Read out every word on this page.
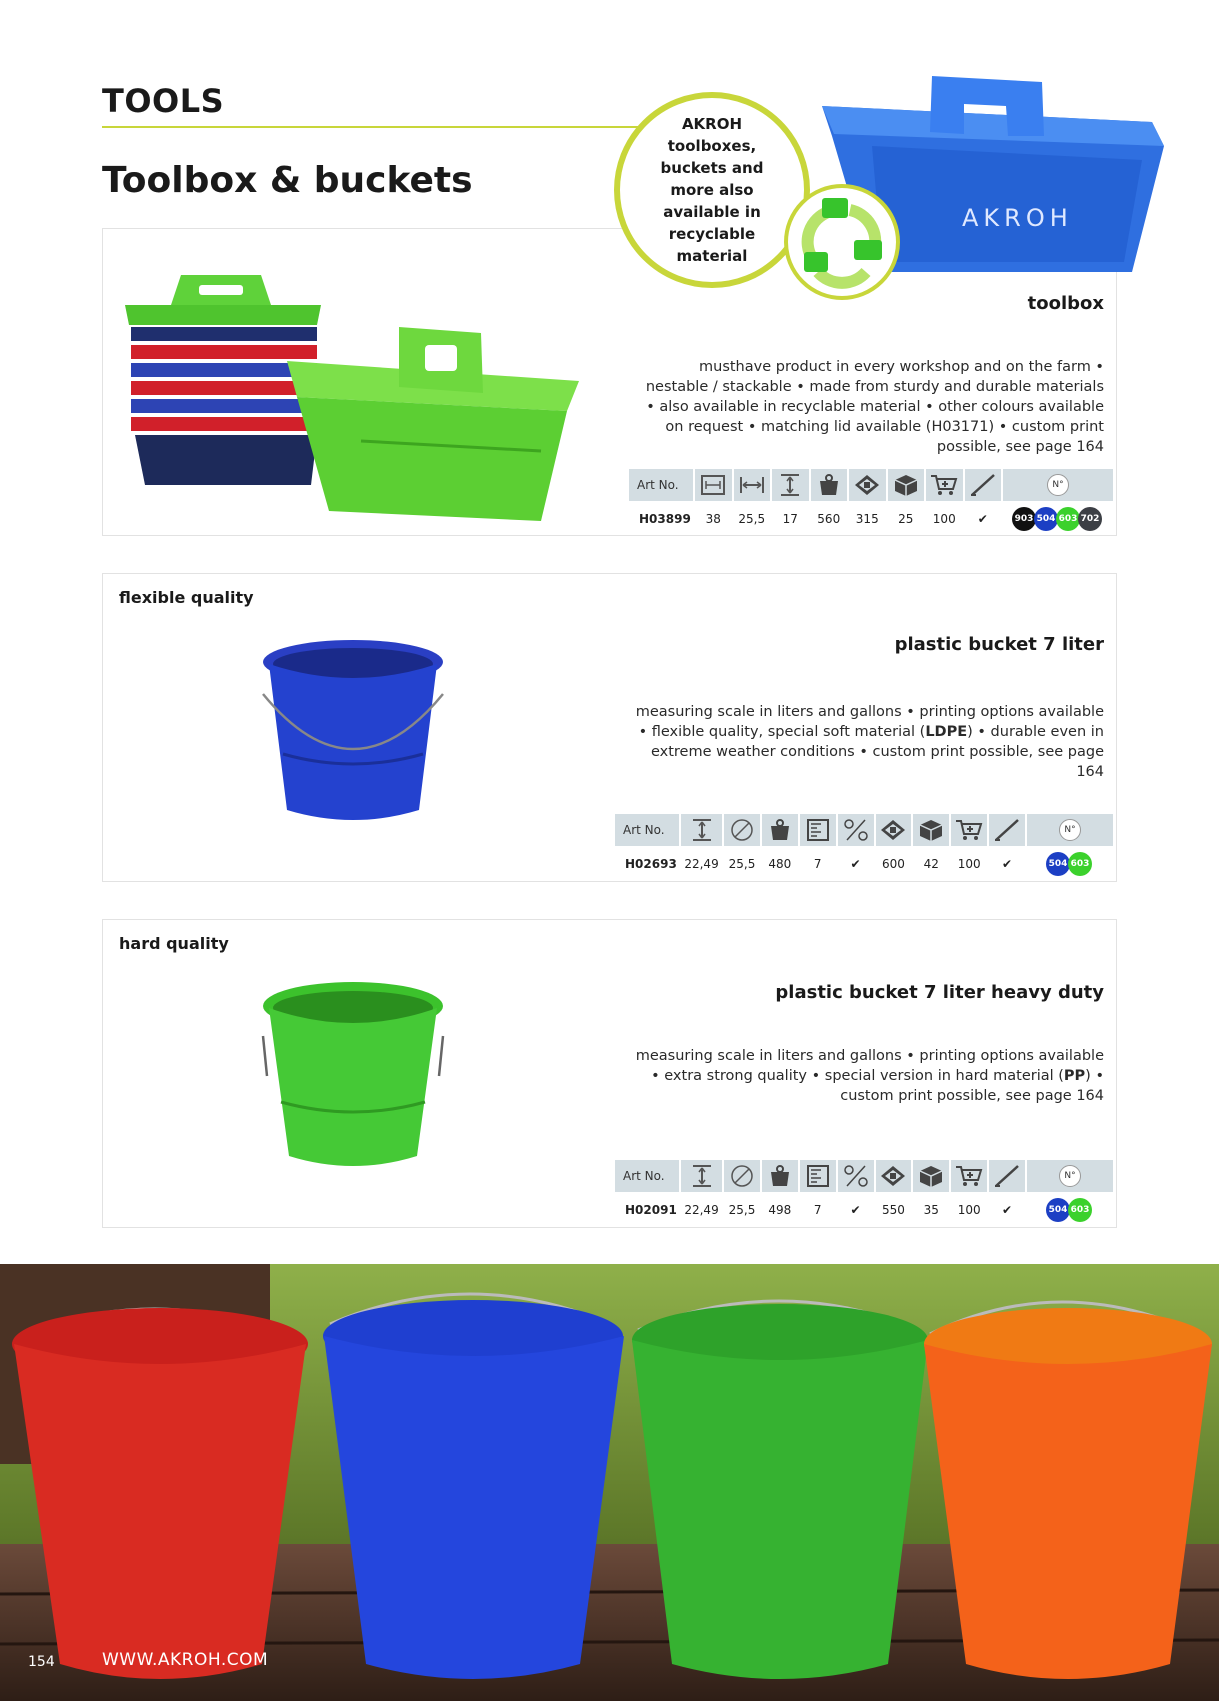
TOOLS
Toolbox & buckets
AKROH toolboxes, buckets and more also available in recyclable material
AKROH
toolbox
musthave product in every workshop and on the farm • nestable / stackable • made from sturdy and durable materials • also available in recyclable material • other colours available on request • matching lid available (H03171) • custom print possible, see page 164
Art No.									N°
H03899	38	25,5	17	560	315	25	100	✔	903 504 603 702
flexible quality
plastic bucket 7 liter
measuring scale in liters and gallons • printing options available • flexible quality, special soft material (LDPE) • durable even in extreme weather conditions • custom print possible, see page 164
Art No.										N°
H02693	22,49	25,5	480	7	✔	600	42	100	✔	504 603
hard quality
plastic bucket 7 liter heavy duty
measuring scale in liters and gallons • printing options available • extra strong quality • special version in hard material (PP) • custom print possible, see page 164
Art No.										N°
H02091	22,49	25,5	498	7	✔	550	35	100	✔	504 603
154	WWW.AKROH.COM
